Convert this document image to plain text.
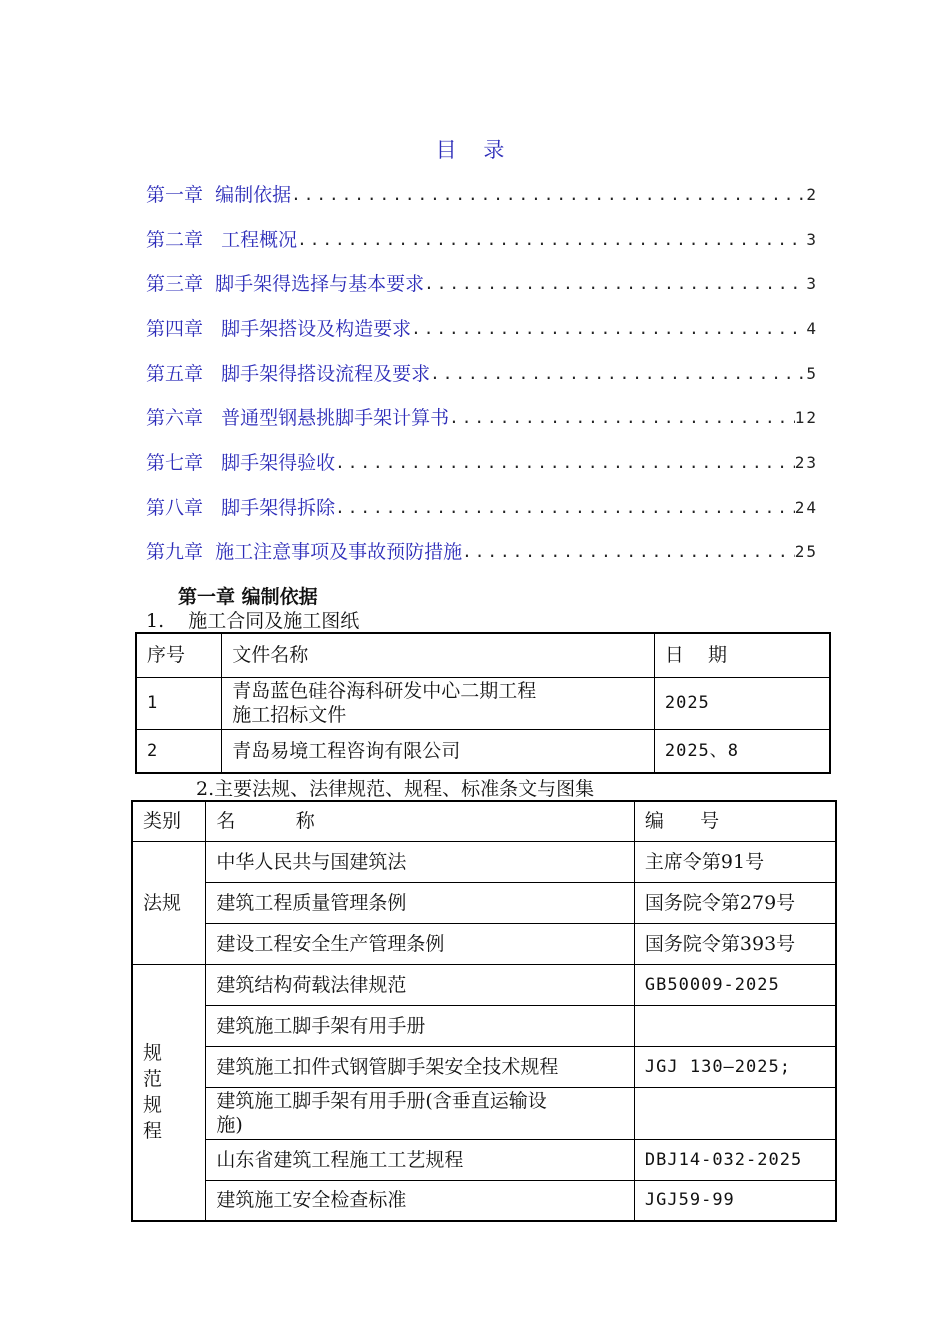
目 录
第一章
编制依据 .....	2
第二章
工程概况 .....	3
第三章
脚手架得选择与基本要求 .....	3
第四章
脚手架搭设及构造要求 .....	4
第五章
脚手架得搭设流程及要求 .....	5
第六章
普通型钢悬挑脚手架计算书 .....	12
第七章
脚手架得验收 .....	23
第八章
脚手架得拆除 .....	24
第九章
施工注意事项及事故预防措施 .....	25
第一章 编制依据
1.    施工合同及施工图纸
序号	文件名称	日    期
1	青岛蓝色硅谷海科研发中心二期工程
施工招标文件	2025
2	青岛易境工程咨询有限公司	2025、8
2.主要法规、法律规范、规程、标准条文与图集
类别	名          称	编      号
法规	中华人民共与国建筑法	主席令第91号
	建筑工程质量管理条例	国务院令第279号
	建设工程安全生产管理条例	国务院令第393号

规
范
规
程	建筑结构荷载法律规范	GB50009-2025
	建筑施工脚手架有用手册	
	建筑施工扣件式钢管脚手架安全技术规程	JGJ 130—2025;

	建筑施工脚手架有用手册(含垂直运输设
施)	

	山东省建筑工程施工工艺规程	DBJ14-032-2025
	建筑施工安全检查标准	JGJ59-99
